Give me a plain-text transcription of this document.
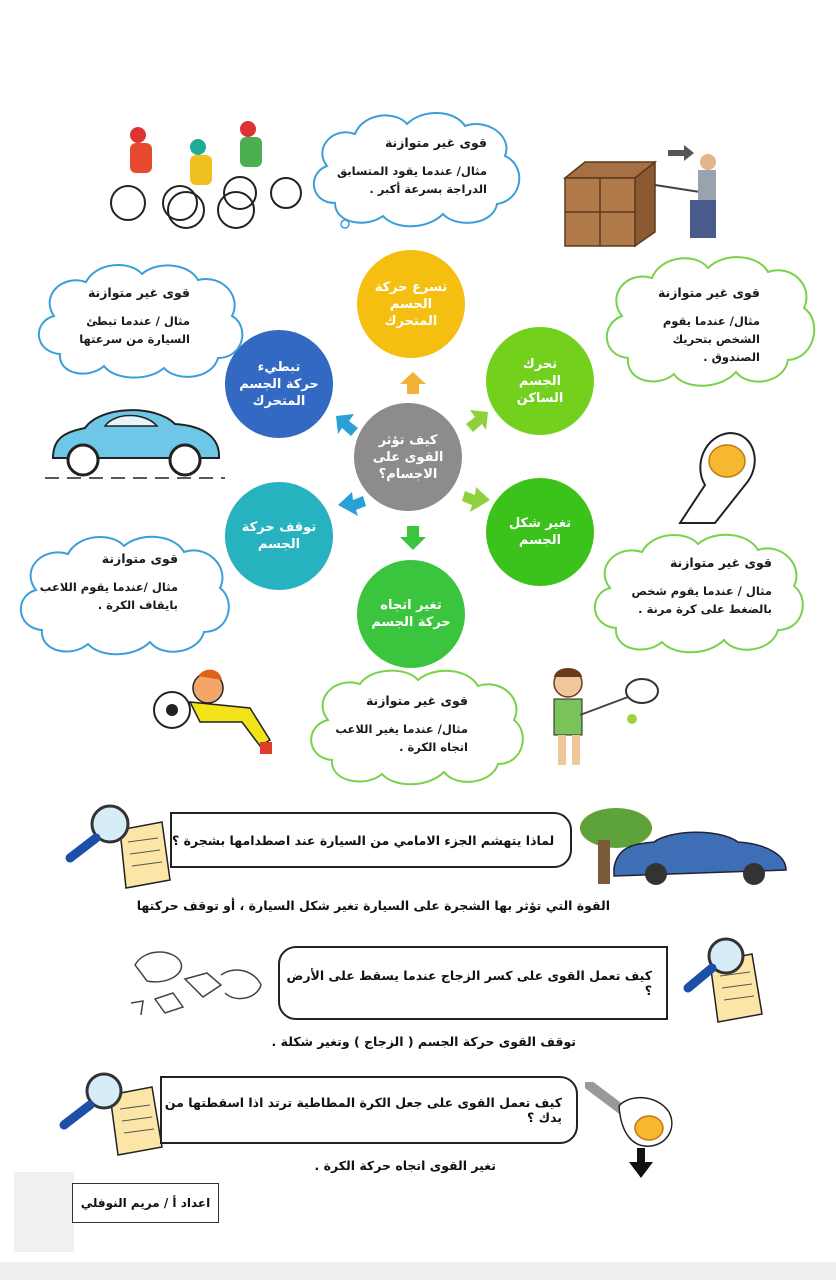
كيف تؤثر القوى على الاجسام؟
تسرع حركة الجسم المتحرك
تحرك الجسم الساكن
تغير شكل الجسم
تغير اتجاه حركة الجسم
توقف حركة الجسم
تبطيء حركة الجسم المتحرك
قوى غير متوازنة
مثال/ عندما يقود المتسابق الدراجة بسرعة أكبر .
قوى غير متوازنة
مثال/ عندما يقوم الشخص بتحريك الصندوق .
قوى غير متوازنة
مثال / عندما تبطئ السيارة من سرعتها
قوى غير متوازنة
مثال / عندما يقوم شخص بالضغط على كرة مرنة .
قوى متوازنة
مثال /عندما يقوم اللاعب بايقاف الكرة .
قوى غير متوازنة
مثال/ عندما يغير اللاعب اتجاه الكرة .
لماذا يتهشم الجزء الامامي من السيارة عند اصطدامها بشجرة ؟
القوة التي تؤثر بها الشجرة على السيارة تغير شكل السيارة ، أو توقف حركتها
كيف تعمل القوى على كسر الزجاج عندما يسقط على الأرض ؟
توقف القوى حركة الجسم ( الزجاج ) وتغير شكلة .
كيف تعمل القوى على جعل الكرة المطاطية ترتد اذا اسقطتها من يدك ؟
تغير القوى اتجاه حركة الكرة .
اعداد أ / مريم النوفلي
